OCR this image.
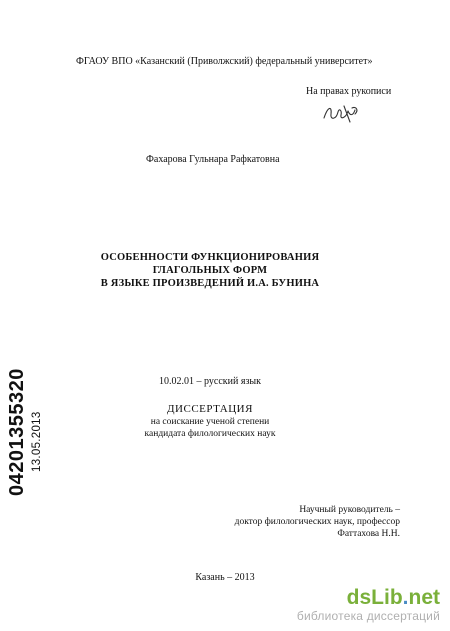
ФГАОУ ВПО «Казанский (Приволжский) федеральный университет»
На правах рукописи
Фахарова Гульнара Рафкатовна
ОСОБЕННОСТИ ФУНКЦИОНИРОВАНИЯ
ГЛАГОЛЬНЫХ ФОРМ
В ЯЗЫКЕ ПРОИЗВЕДЕНИЙ И.А. БУНИНА
10.02.01 – русский язык
ДИССЕРТАЦИЯ
на соискание ученой степени
кандидата филологических наук
Научный руководитель –
доктор филологических наук, профессор
Фаттахова Н.Н.
Казань – 2013
04201355320 13.05.2013
dsLib.net
библиотека диссертаций
